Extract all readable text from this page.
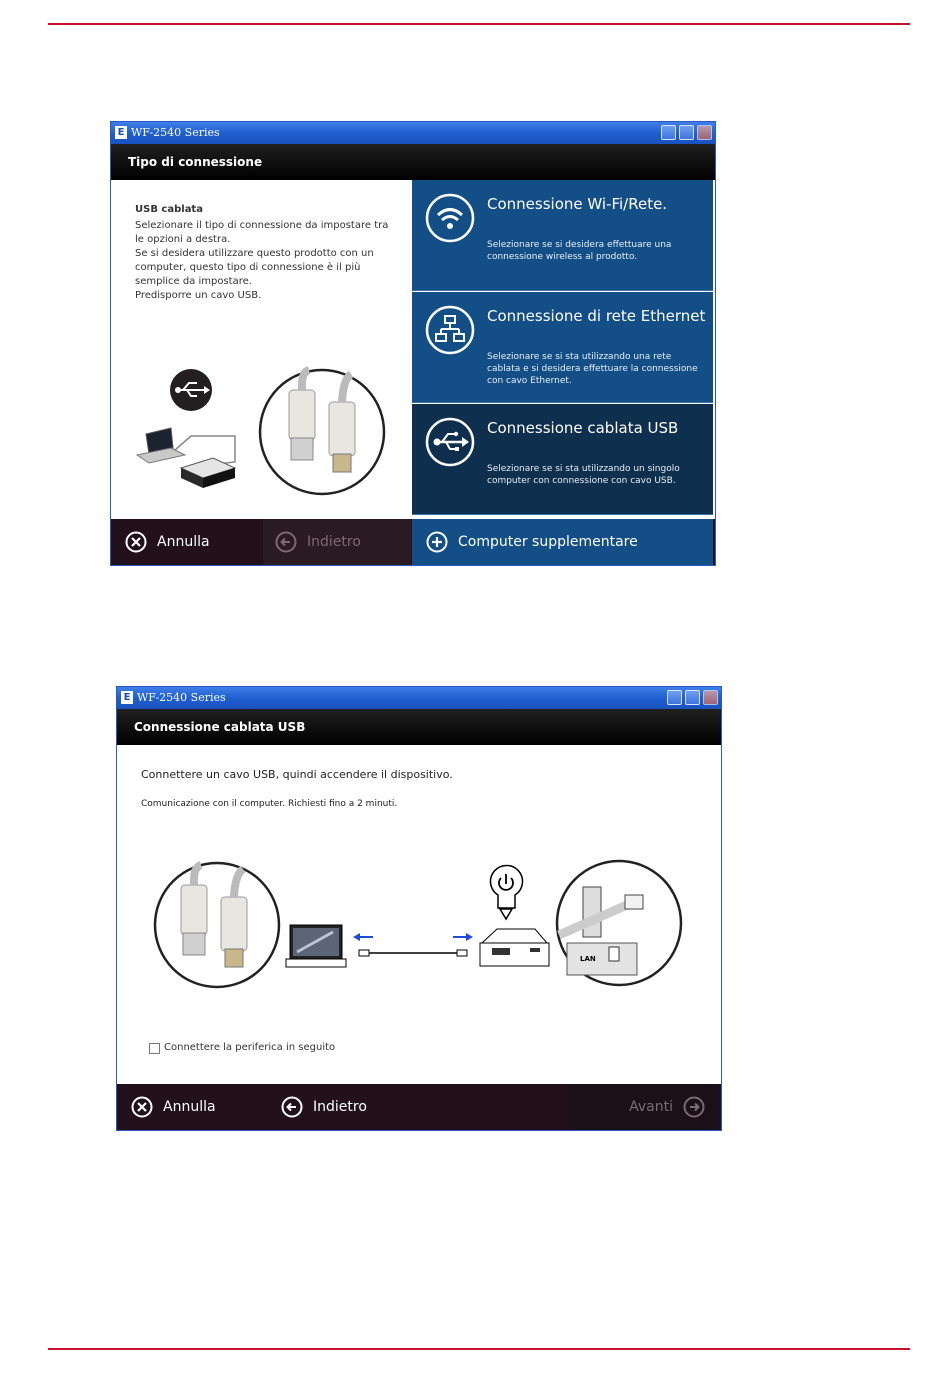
E WF-2540 Series
Tipo di connessione

USB cablata

Selezionare il tipo di connessione da impostare tra le opzioni a destra.

Se si desidera utilizzare questo prodotto con un computer, questo tipo di connessione è il più semplice da impostare.

Predisporre un cavo USB.

Connessione Wi-Fi/Rete.
Selezionare se si desidera effettuare una connessione wireless al prodotto.
Connessione di rete Ethernet
Selezionare se si sta utilizzando una rete cablata e si desidera effettuare la connessione con cavo Ethernet.
Connessione cablata USB
Selezionare se si sta utilizzando un singolo computer con connessione con cavo USB.
Annulla	Indietro	Computer supplementare
E WF-2540 Series
Connessione cablata USB
Connettere un cavo USB, quindi accendere il dispositivo.
Comunicazione con il computer. Richiesti fino a 2 minuti.
LAN
Connettere la periferica in seguito
Annulla	Indietro	Avanti
